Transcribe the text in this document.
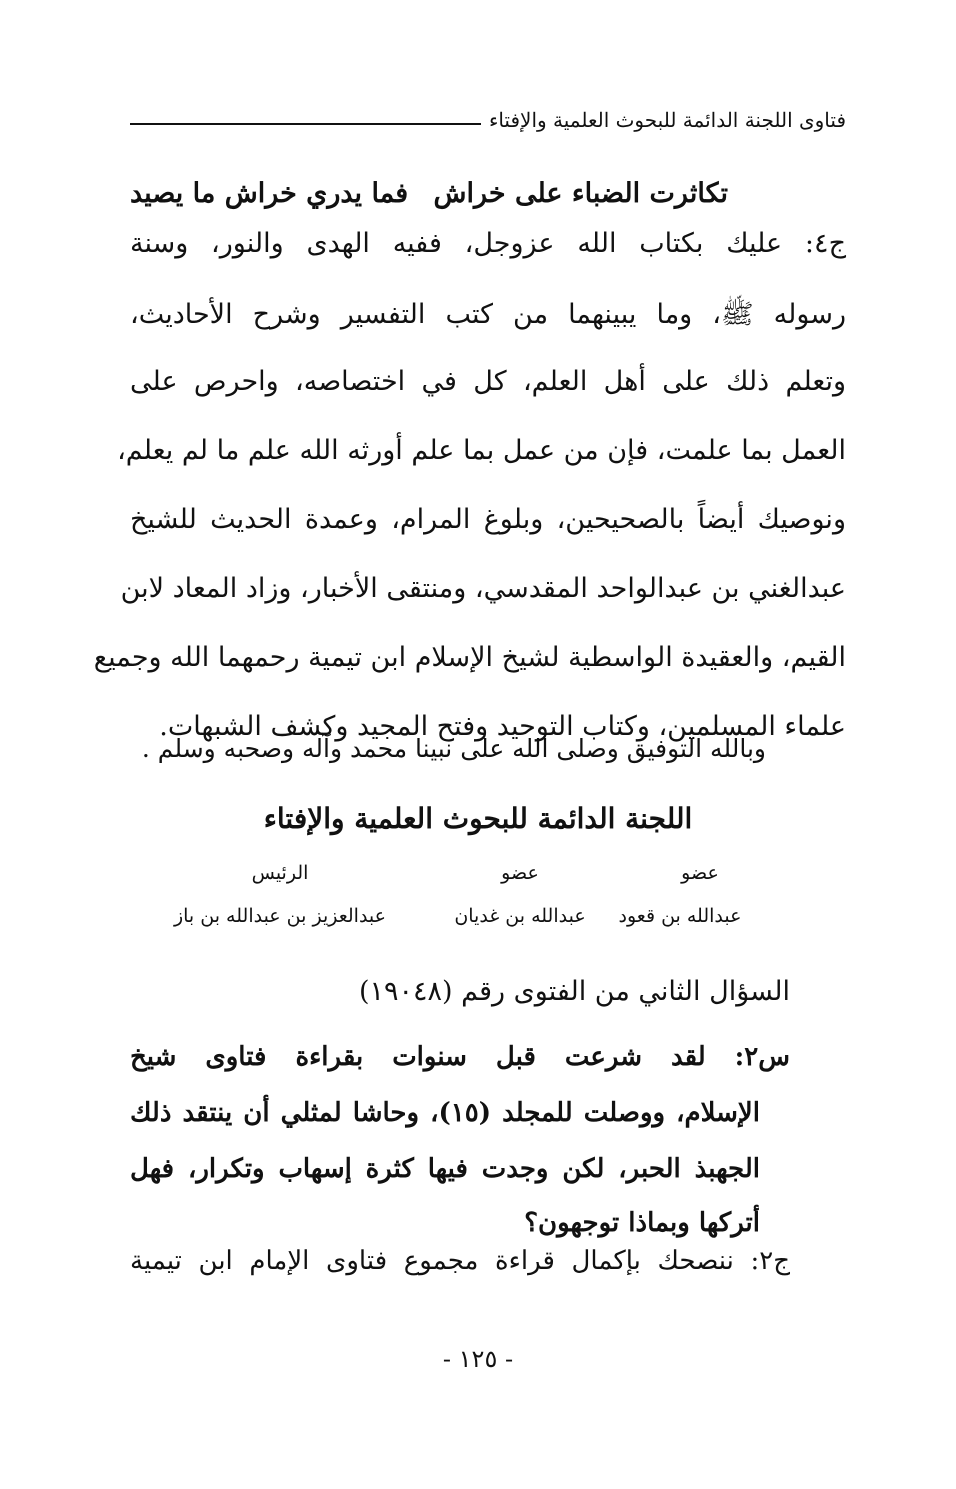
فتاوى اللجنة الدائمة للبحوث العلمية والإفتاء
تكاثرت الضباء على خراش
فما يدري خراش ما يصيد
ج٤: عليك بكتاب الله عزوجل، ففيه الهدى والنور، وسنة
رسوله ﷺ، وما يبينهما من كتب التفسير وشرح الأحاديث،
وتعلم ذلك على أهل العلم، كل في اختصاصه، واحرص على
العمل بما علمت، فإن من عمل بما علم أورثه الله علم ما لم يعلم،
ونوصيك أيضاً بالصحيحين، وبلوغ المرام، وعمدة الحديث للشيخ
عبدالغني بن عبدالواحد المقدسي، ومنتقى الأخبار، وزاد المعاد لابن
القيم، والعقيدة الواسطية لشيخ الإسلام ابن تيمية رحمهما الله وجميع
علماء المسلمين، وكتاب التوحيد وفتح المجيد وكشف الشبهات.
وبالله التوفيق وصلى الله على نبينا محمد وآله وصحبه وسلم .
اللجنة الدائمة للبحوث العلمية والإفتاء
عضو
عبدالله بن قعود
عضو
عبدالله بن غديان
الرئيس
عبدالعزيز بن عبدالله بن باز
السؤال الثاني من الفتوى رقم (١٩٠٤٨)
س٢: لقد شرعت قبل سنوات بقراءة فتاوى شيخ
الإسلام، ووصلت للمجلد (١٥)، وحاشا لمثلي أن ينتقد ذلك
الجهبذ الحبر، لكن وجدت فيها كثرة إسهاب وتكرار، فهل
أتركها وبماذا توجهون؟
ج٢: ننصحك بإكمال قراءة مجموع فتاوى الإمام ابن تيمية
- ١٢٥ -
